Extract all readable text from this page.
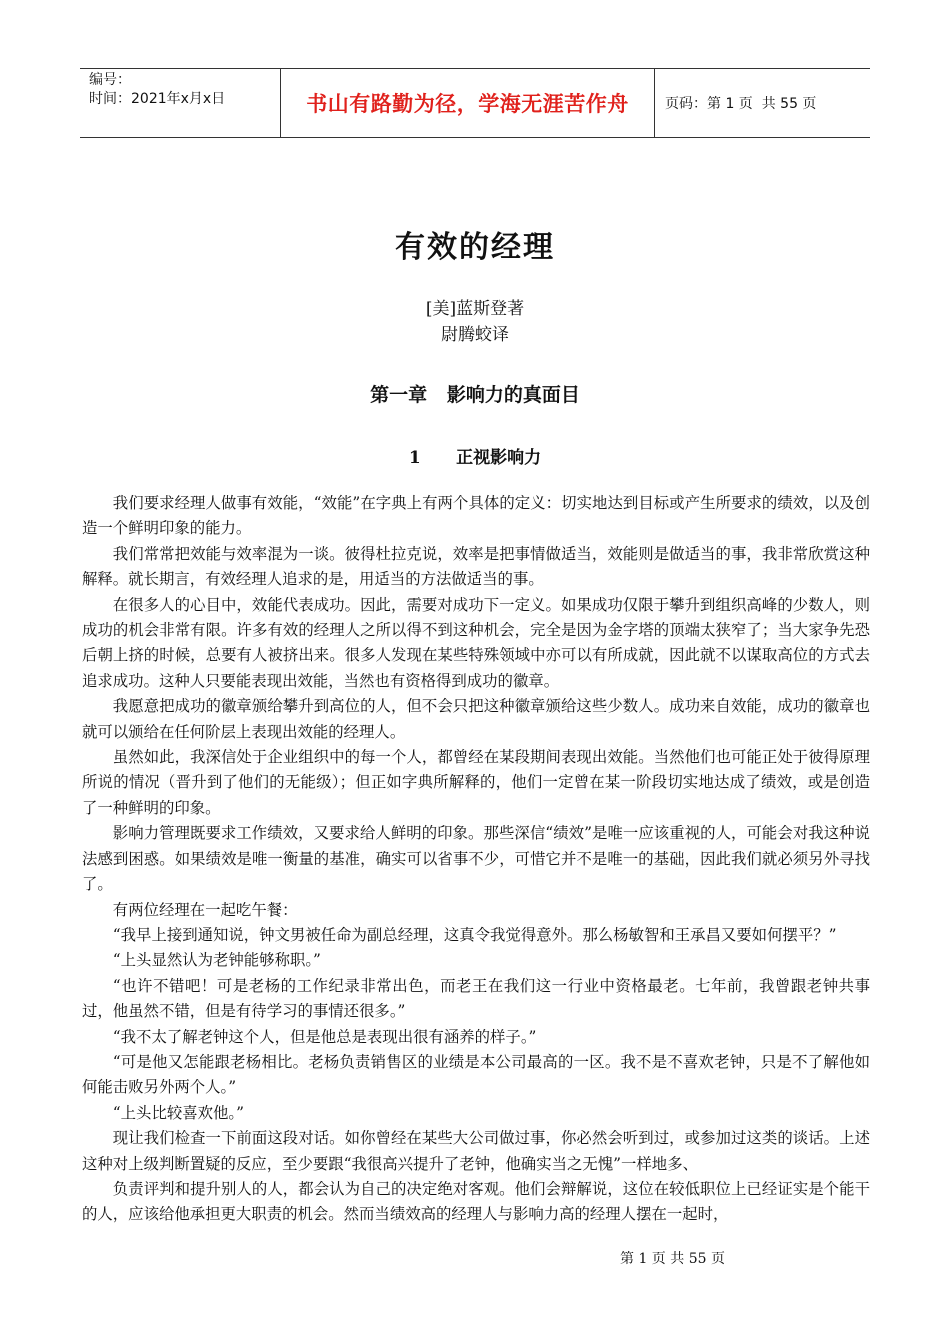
编号：
时间：2021年x月x日	书山有路勤为径，学海无涯苦作舟	页码：第 1 页  共 55 页
有效的经理
[美]蓝斯登著
尉腾蛟译
第一章   影响力的真面目
1 正视影响力

我们要求经理人做事有效能，“效能”在字典上有两个具体的定义：切实地达到目标或产生所要求的绩效，以及创造一个鲜明印象的能力。

我们常常把效能与效率混为一谈。彼得杜拉克说，效率是把事情做适当，效能则是做适当的事，我非常欣赏这种解释。就长期言，有效经理人追求的是，用适当的方法做适当的事。

在很多人的心目中，效能代表成功。因此，需要对成功下一定义。如果成功仅限于攀升到组织高峰的少数人，则成功的机会非常有限。许多有效的经理人之所以得不到这种机会，完全是因为金字塔的顶端太狭窄了；当大家争先恐后朝上挤的时候，总要有人被挤出来。很多人发现在某些特殊领域中亦可以有所成就，因此就不以谋取高位的方式去追求成功。这种人只要能表现出效能，当然也有资格得到成功的徽章。

我愿意把成功的徽章颁给攀升到高位的人，但不会只把这种徽章颁给这些少数人。成功来自效能，成功的徽章也就可以颁给在任何阶层上表现出效能的经理人。

虽然如此，我深信处于企业组织中的每一个人，都曾经在某段期间表现出效能。当然他们也可能正处于彼得原理所说的情况（晋升到了他们的无能级）；但正如字典所解释的，他们一定曾在某一阶段切实地达成了绩效，或是创造了一种鲜明的印象。

影响力管理既要求工作绩效，又要求给人鲜明的印象。那些深信“绩效”是唯一应该重视的人，可能会对我这种说法感到困惑。如果绩效是唯一衡量的基准，确实可以省事不少，可惜它并不是唯一的基础，因此我们就必须另外寻找了。

有两位经理在一起吃午餐：

“我早上接到通知说，钟文男被任命为副总经理，这真令我觉得意外。那么杨敏智和王承昌又要如何摆平？”

“上头显然认为老钟能够称职。”

“也许不错吧！可是老杨的工作纪录非常出色，而老王在我们这一行业中资格最老。七年前，我曾跟老钟共事过，他虽然不错，但是有待学习的事情还很多。”

“我不太了解老钟这个人，但是他总是表现出很有涵养的样子。”

“可是他又怎能跟老杨相比。老杨负责销售区的业绩是本公司最高的一区。我不是不喜欢老钟，只是不了解他如何能击败另外两个人。”

“上头比较喜欢他。”

现让我们检查一下前面这段对话。如你曾经在某些大公司做过事，你必然会听到过，或参加过这类的谈话。上述这种对上级判断置疑的反应，至少要跟“我很高兴提升了老钟，他确实当之无愧”一样地多、

负责评判和提升别人的人，都会认为自己的决定绝对客观。他们会辩解说，这位在较低职位上已经证实是个能干的人，应该给他承担更大职责的机会。然而当绩效高的经理人与影响力高的经理人摆在一起时，

第 1 页 共 55 页
